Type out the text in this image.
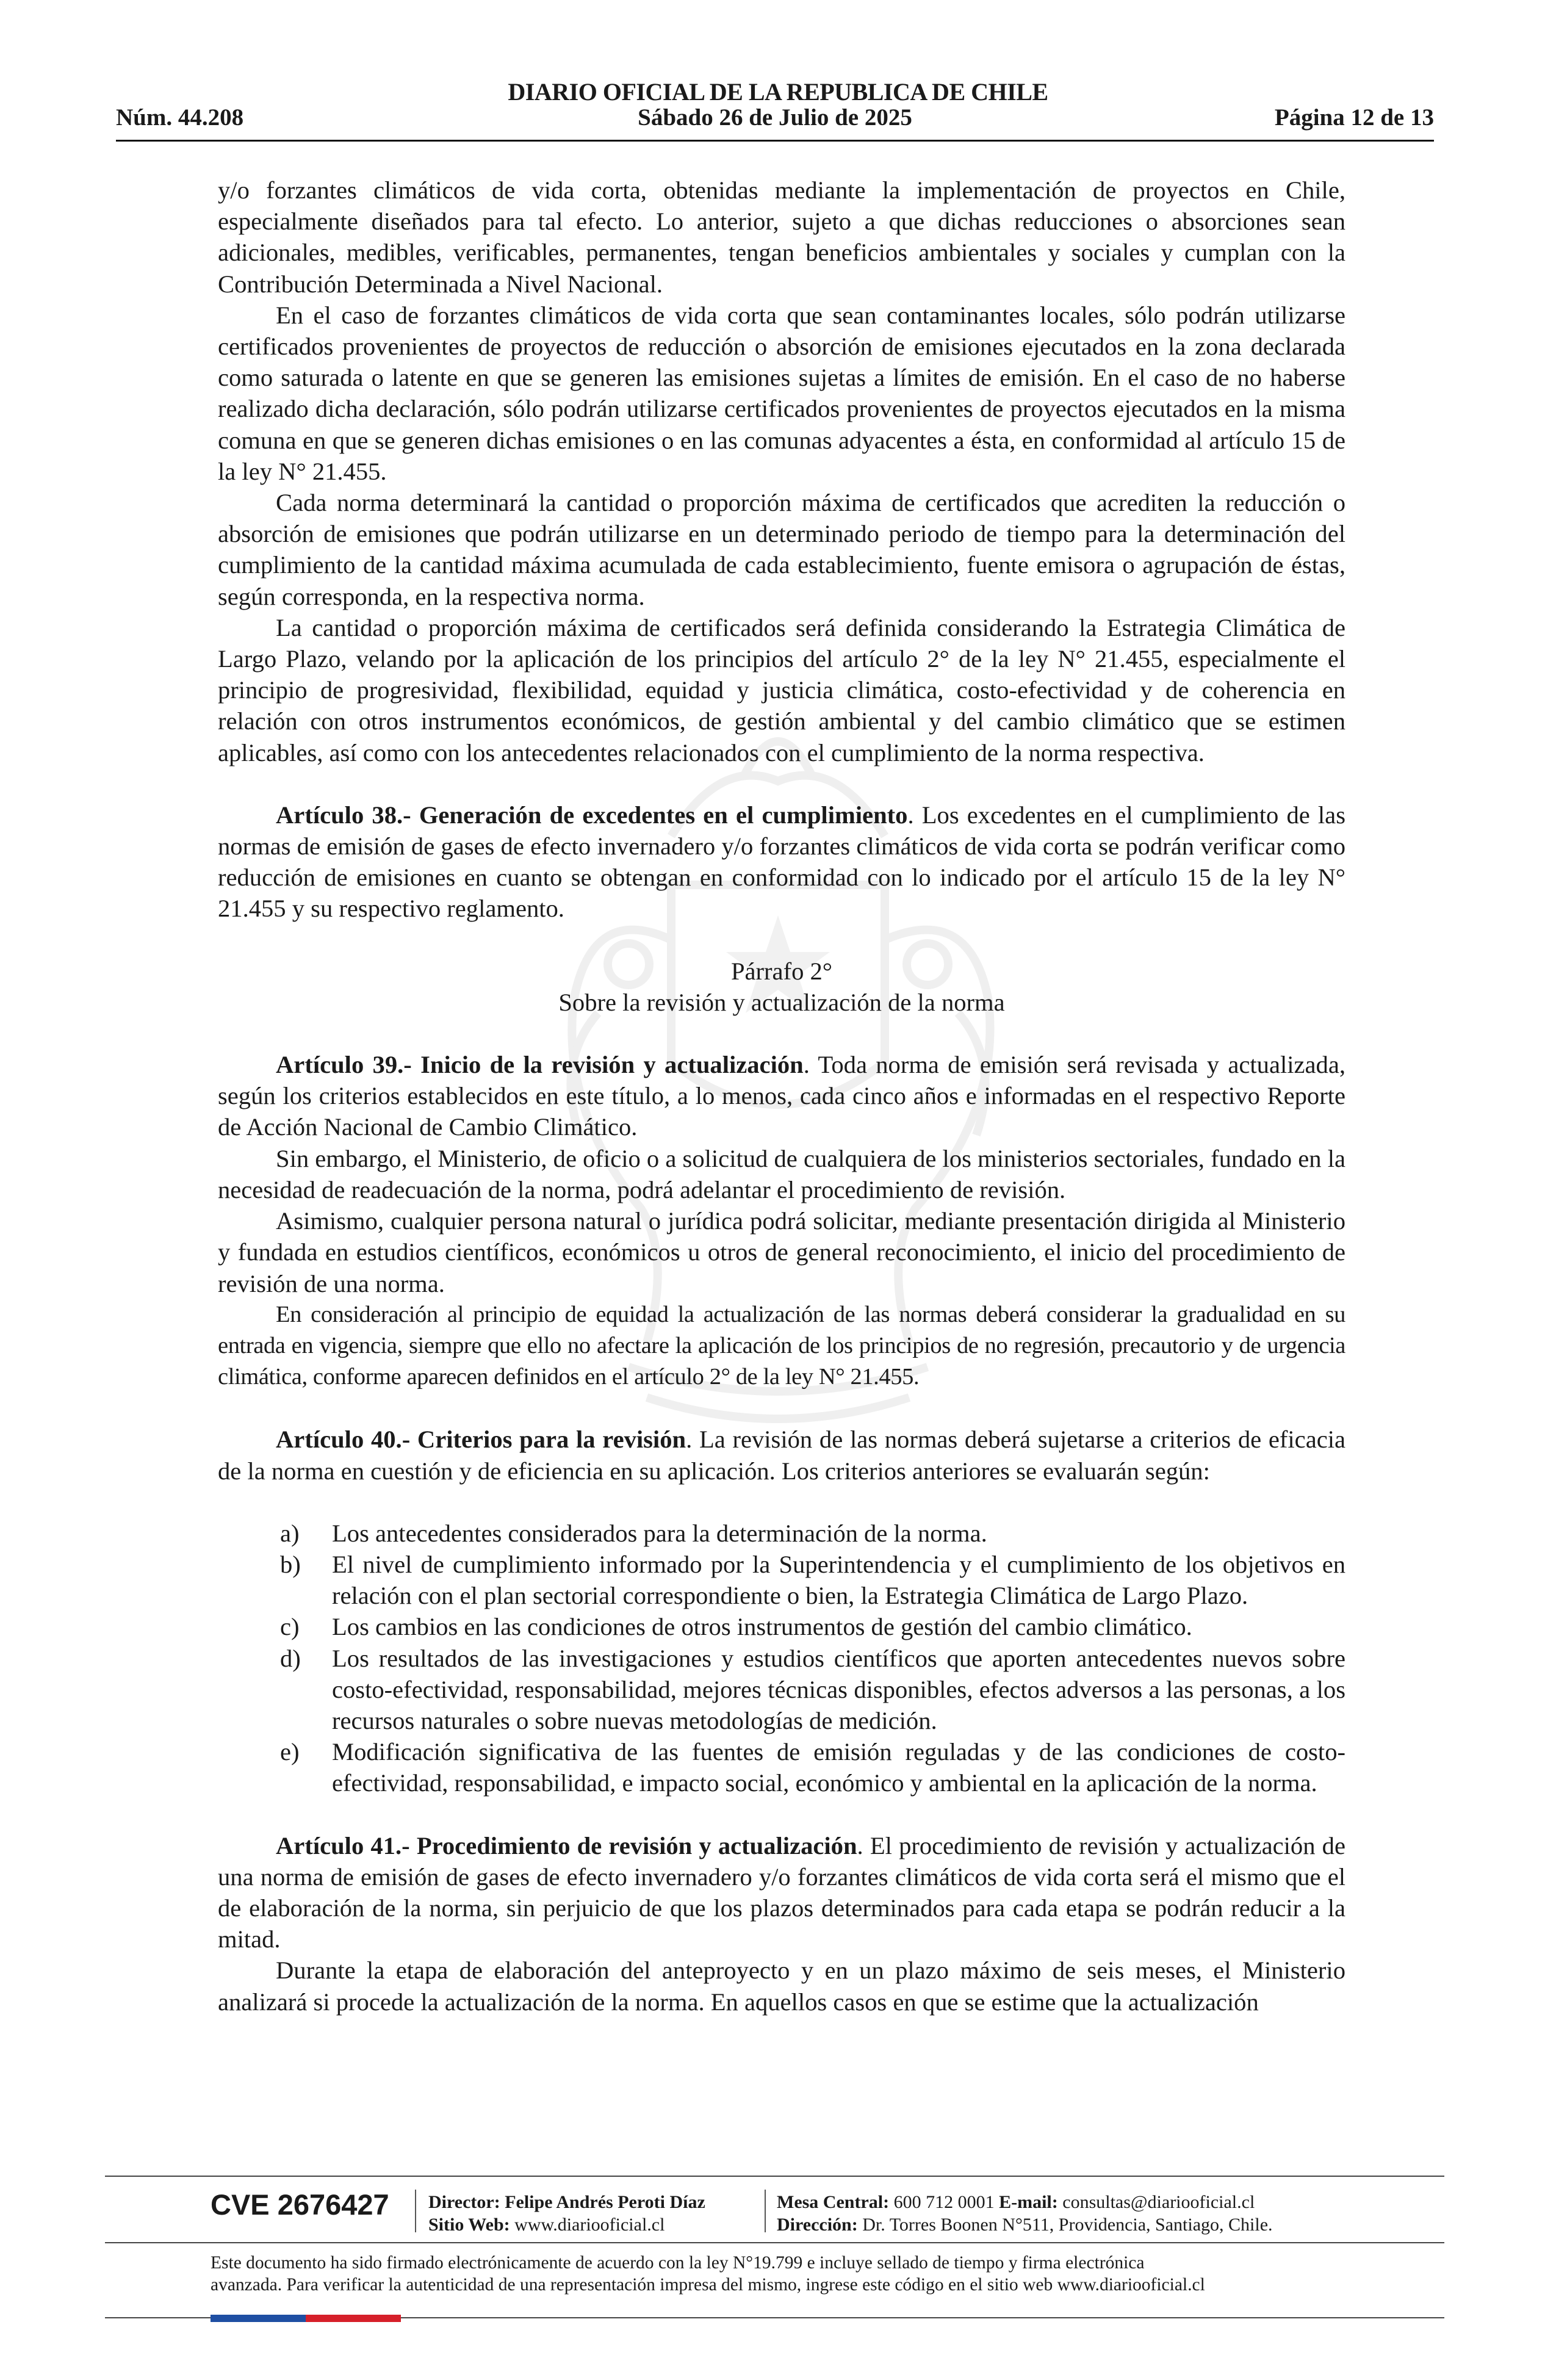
DIARIO OFICIAL DE LA REPUBLICA DE CHILE
Núm. 44.208	Sábado 26 de Julio de 2025	Página 12 de 13

y/o forzantes climáticos de vida corta, obtenidas mediante la implementación de proyectos en Chile, especialmente diseñados para tal efecto. Lo anterior, sujeto a que dichas reducciones o absorciones sean adicionales, medibles, verificables, permanentes, tengan beneficios ambientales y sociales y cumplan con la Contribución Determinada a Nivel Nacional.

En el caso de forzantes climáticos de vida corta que sean contaminantes locales, sólo podrán utilizarse certificados provenientes de proyectos de reducción o absorción de emisiones ejecutados en la zona declarada como saturada o latente en que se generen las emisiones sujetas a límites de emisión. En el caso de no haberse realizado dicha declaración, sólo podrán utilizarse certificados provenientes de proyectos ejecutados en la misma comuna en que se generen dichas emisiones o en las comunas adyacentes a ésta, en conformidad al artículo 15 de la ley N° 21.455.

Cada norma determinará la cantidad o proporción máxima de certificados que acrediten la reducción o absorción de emisiones que podrán utilizarse en un determinado periodo de tiempo para la determinación del cumplimiento de la cantidad máxima acumulada de cada establecimiento, fuente emisora o agrupación de éstas, según corresponda, en la respectiva norma.

La cantidad o proporción máxima de certificados será definida considerando la Estrategia Climática de Largo Plazo, velando por la aplicación de los principios del artículo 2° de la ley N° 21.455, especialmente el principio de progresividad, flexibilidad, equidad y justicia climática, costo-efectividad y de coherencia en relación con otros instrumentos económicos, de gestión ambiental y del cambio climático que se estimen aplicables, así como con los antecedentes relacionados con el cumplimiento de la norma respectiva.

Artículo 38.- Generación de excedentes en el cumplimiento. Los excedentes en el cumplimiento de las normas de emisión de gases de efecto invernadero y/o forzantes climáticos de vida corta se podrán verificar como reducción de emisiones en cuanto se obtengan en conformidad con lo indicado por el artículo 15 de la ley N° 21.455 y su respectivo reglamento.

Párrafo 2°

Sobre la revisión y actualización de la norma

Artículo 39.- Inicio de la revisión y actualización. Toda norma de emisión será revisada y actualizada, según los criterios establecidos en este título, a lo menos, cada cinco años e informadas en el respectivo Reporte de Acción Nacional de Cambio Climático.

Sin embargo, el Ministerio, de oficio o a solicitud de cualquiera de los ministerios sectoriales, fundado en la necesidad de readecuación de la norma, podrá adelantar el procedimiento de revisión.

Asimismo, cualquier persona natural o jurídica podrá solicitar, mediante presentación dirigida al Ministerio y fundada en estudios científicos, económicos u otros de general reconocimiento, el inicio del procedimiento de revisión de una norma.

En consideración al principio de equidad la actualización de las normas deberá considerar la gradualidad en su entrada en vigencia, siempre que ello no afectare la aplicación de los principios de no regresión, precautorio y de urgencia climática, conforme aparecen definidos en el artículo 2° de la ley N° 21.455.

Artículo 40.- Criterios para la revisión. La revisión de las normas deberá sujetarse a criterios de eficacia de la norma en cuestión y de eficiencia en su aplicación. Los criterios anteriores se evaluarán según:

a) Los antecedentes considerados para la determinación de la norma.
b) El nivel de cumplimiento informado por la Superintendencia y el cumplimiento de los objetivos en relación con el plan sectorial correspondiente o bien, la Estrategia Climática de Largo Plazo.
c) Los cambios en las condiciones de otros instrumentos de gestión del cambio climático.
d) Los resultados de las investigaciones y estudios científicos que aporten antecedentes nuevos sobre costo-efectividad, responsabilidad, mejores técnicas disponibles, efectos adversos a las personas, a los recursos naturales o sobre nuevas metodologías de medición.
e) Modificación significativa de las fuentes de emisión reguladas y de las condiciones de costo-efectividad, responsabilidad, e impacto social, económico y ambiental en la aplicación de la norma.

Artículo 41.- Procedimiento de revisión y actualización. El procedimiento de revisión y actualización de una norma de emisión de gases de efecto invernadero y/o forzantes climáticos de vida corta será el mismo que el de elaboración de la norma, sin perjuicio de que los plazos determinados para cada etapa se podrán reducir a la mitad.

Durante la etapa de elaboración del anteproyecto y en un plazo máximo de seis meses, el Ministerio analizará si procede la actualización de la norma. En aquellos casos en que se estime que la actualización

CVE 2676427 Director: Felipe Andrés Peroti Díaz
Sitio Web: www.diariooficial.cl
Mesa Central: 600 712 0001 E-mail: consultas@diariooficial.cl
Dirección: Dr. Torres Boonen N°511, Providencia, Santiago, Chile.
Este documento ha sido firmado electrónicamente de acuerdo con la ley N°19.799 e incluye sellado de tiempo y firma electrónica
avanzada. Para verificar la autenticidad de una representación impresa del mismo, ingrese este código en el sitio web www.diariooficial.cl
